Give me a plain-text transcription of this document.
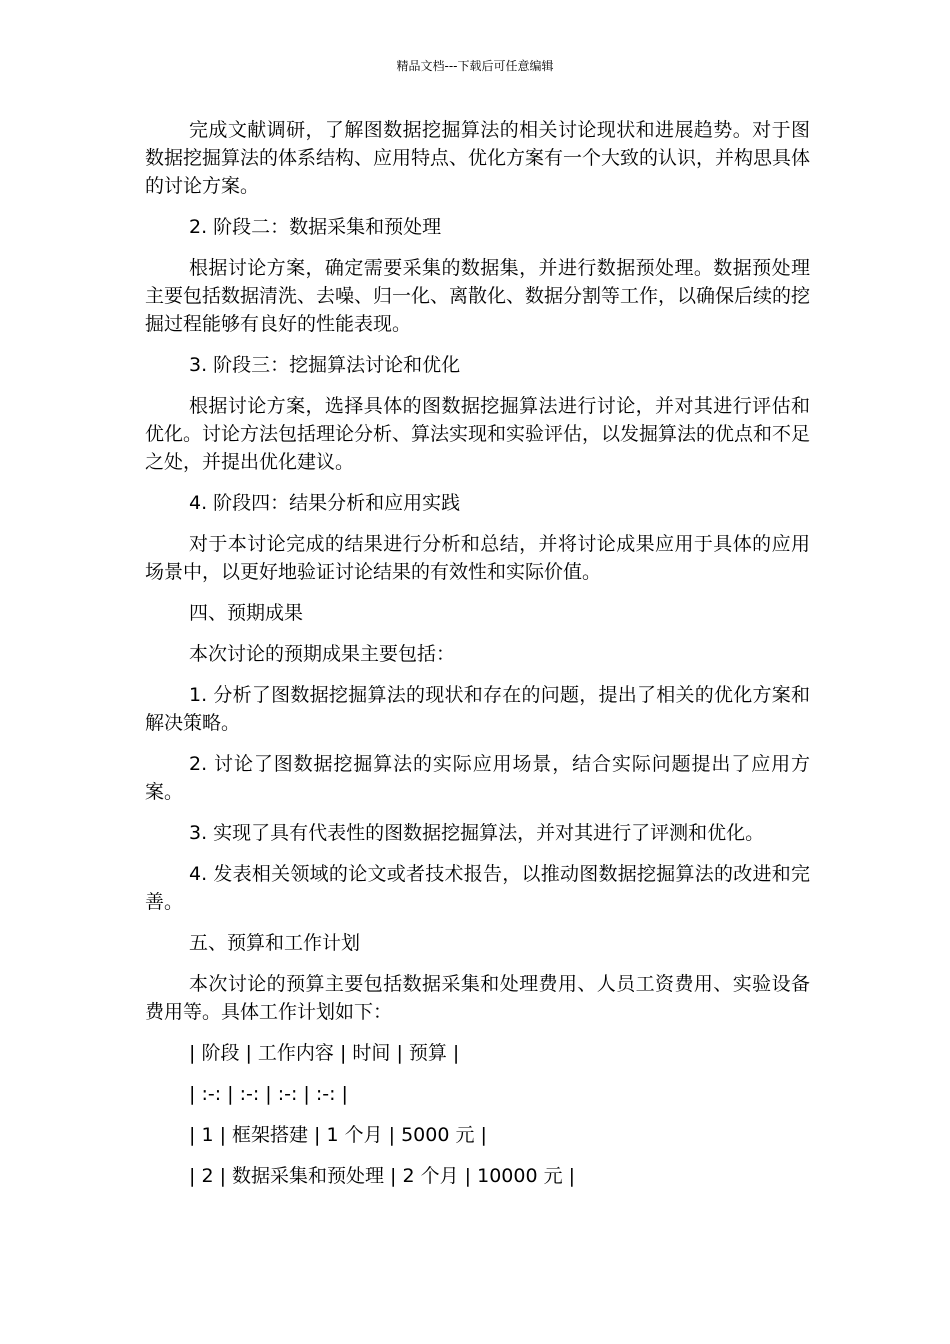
精品文档---下载后可任意编辑

完成文献调研，了解图数据挖掘算法的相关讨论现状和进展趋势。对于图数据挖掘算法的体系结构、应用特点、优化方案有一个大致的认识，并构思具体的讨论方案。

2. 阶段二：数据采集和预处理

根据讨论方案，确定需要采集的数据集，并进行数据预处理。数据预处理主要包括数据清洗、去噪、归一化、离散化、数据分割等工作，以确保后续的挖掘过程能够有良好的性能表现。

3. 阶段三：挖掘算法讨论和优化

根据讨论方案，选择具体的图数据挖掘算法进行讨论，并对其进行评估和优化。讨论方法包括理论分析、算法实现和实验评估，以发掘算法的优点和不足之处，并提出优化建议。

4. 阶段四：结果分析和应用实践

对于本讨论完成的结果进行分析和总结，并将讨论成果应用于具体的应用场景中，以更好地验证讨论结果的有效性和实际价值。

四、预期成果

本次讨论的预期成果主要包括：

1. 分析了图数据挖掘算法的现状和存在的问题，提出了相关的优化方案和解决策略。

2. 讨论了图数据挖掘算法的实际应用场景，结合实际问题提出了应用方案。

3. 实现了具有代表性的图数据挖掘算法，并对其进行了评测和优化。

4. 发表相关领域的论文或者技术报告，以推动图数据挖掘算法的改进和完善。

五、预算和工作计划

本次讨论的预算主要包括数据采集和处理费用、人员工资费用、实验设备费用等。具体工作计划如下：

| 阶段 | 工作内容 | 时间 | 预算 |

| :-: | :-: | :-: | :-: |

| 1 | 框架搭建 | 1 个月 | 5000 元 |

| 2 | 数据采集和预处理 | 2 个月 | 10000 元 |
